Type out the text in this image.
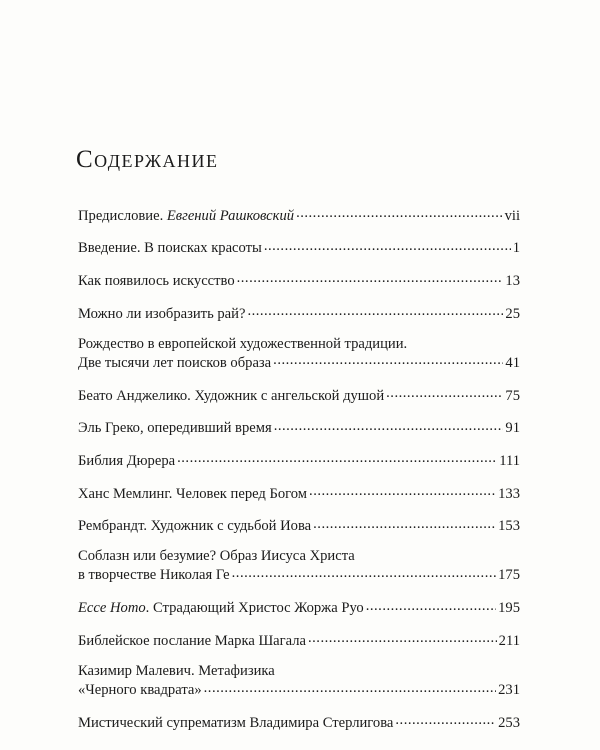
Содержание
Предисловие. Евгений Рашковский .....	vii
Введение. В поисках красоты .....	1
Как появилось искусство .....	13
Можно ли изобразить рай? .....	25
Рождество в европейской художественной традиции.
Две тысячи лет поисков образа .....	41
Беато Анджелико. Художник с ангельской душой .....	75
Эль Греко, опередивший время .....	91
Библия Дюрера .....	111
Ханс Мемлинг. Человек перед Богом .....	133
Рембрандт. Художник с судьбой Иова .....	153
Соблазн или безумие? Образ Иисуса Христа
в творчестве Николая Ге .....	175
Ecce Homo. Страдающий Христос Жоржа Руо .....	195
Библейское послание Марка Шагала .....	211
Казимир Малевич. Метафизика
«Черного квадрата» .....	231
Мистический супрематизм Владимира Стерлигова .....	253
